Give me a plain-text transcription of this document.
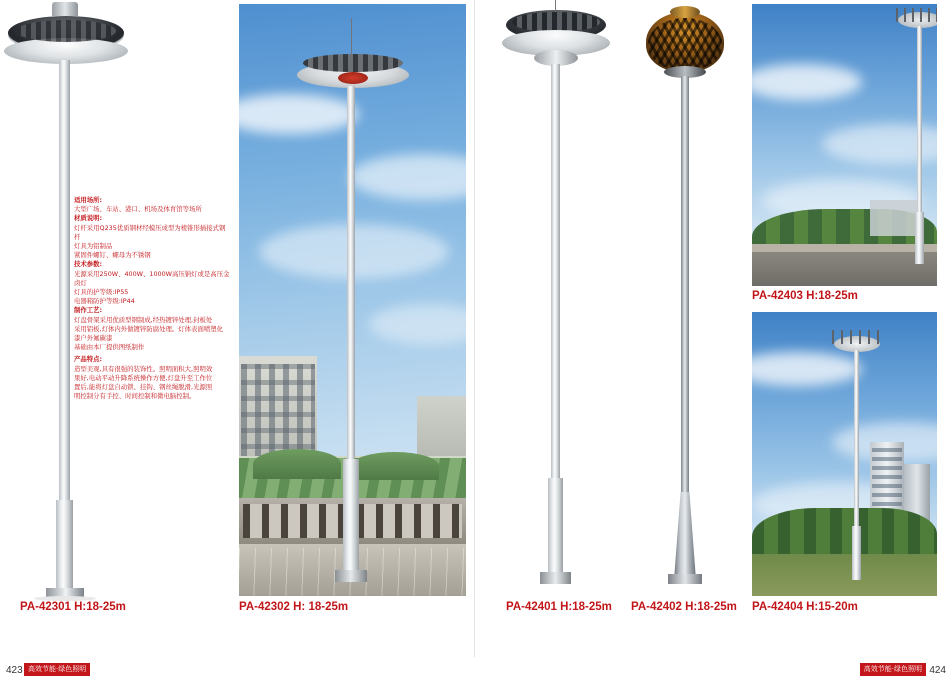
PA-42301 H:18-25m

适用场所:

大型广场、车站、港口、机场及体育馆等场所

材质说明:

灯杆采用Q235优质钢材经模压成型为棱锥形插接式钢杆

灯具为铝制品

紧固件螺钉、螺母为不锈钢

技术参数:

光源采用250W、400W、1000W高压钠灯或是高压金

卤灯

灯具的护等级:IP55

电器箱防护等级:IP44

制作工艺:

灯盘骨架采用优质型钢制成,经热镀锌处理,封板处

采用铝板,灯体内外做镀锌防腐处理。灯体表面喷塑化

漆户外氟碳漆

基础由本厂提供图纸制作

产品特点:

造型美观,具有很强的装饰性。照明面积大,照明效

果好,电动平动升降系统操作方便,灯盘升至工作位

置后,能将灯盘自动锁、挂钩、钢丝绳脱滑,光源照

明控制分有手控、时间控制和微电脑控制。

PA-42302 H: 18-25m	PA-42401 H:18-25m PA-42402 H:18-25m
PA-42403 H:18-25m
PA-42404 H:15-20m
423 高效节能·绿色照明	高效节能·绿色照明 424
